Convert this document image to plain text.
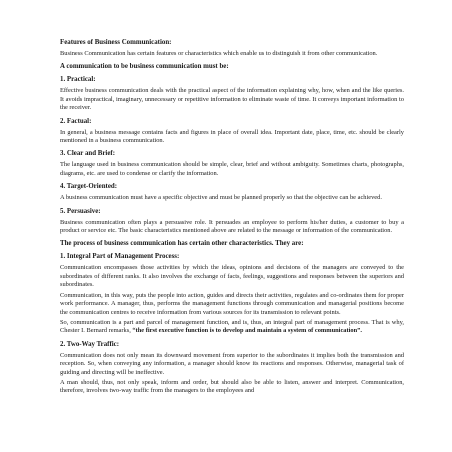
Features of Business Communication:

Business Communication has certain features or characteristics which enable us to distinguish it from other communication.

A communication to be business communication must be:
1. Practical:

Effective business communication deals with the practical aspect of the information explaining why, how, when and the like queries. It avoids impractical, imaginary, unnecessary or repetitive information to eliminate waste of time. It conveys important information to the receiver.

2. Factual:

In general, a business message contains facts and figures in place of overall idea. Important date, place, time, etc. should be clearly mentioned in a business communication.

3. Clear and Brief:

The language used in business communication should be simple, clear, brief and without ambiguity. Sometimes charts, photographs, diagrams, etc. are used to condense or clarify the information.

4. Target-Oriented:

A business communication must have a specific objective and must be planned properly so that the objective can be achieved.

5. Persuasive:

Business communication often plays a persuasive role. It persuades an employee to perform his/her duties, a customer to buy a product or service etc. The basic characteristics mentioned above are related to the message or information of the communication.

The process of business communication has certain other characteristics. They are:
1. Integral Part of Management Process:

Communication encompasses those activities by which the ideas, opinions and decisions of the managers are conveyed to the subordinates of different ranks. It also involves the exchange of facts, feelings, suggestions and responses between the superiors and subordinates.

Communication, in this way, puts the people into action, guides and directs their activities, regulates and co-ordinates them for proper work performance. A manager, thus, performs the management functions through communication and managerial positions become the communication centres to receive information from various sources for its transmission to relevant points.

So, communication is a part and parcel of management function, and is, thus, an integral part of management process. That is why, Chester I. Bernard remarks, “the first executive function is to develop and maintain a system of communication”.

2. Two-Way Traffic:

Communication does not only mean its downward movement from superior to the subordinates it implies both the transmission and reception. So, when conveying any information, a manager should know its reactions and responses. Otherwise, managerial task of guiding and directing will be ineffective.

A man should, thus, not only speak, inform and order, but should also be able to listen, answer and interpret. Communication, therefore, involves two-way traffic from the managers to the employees and
